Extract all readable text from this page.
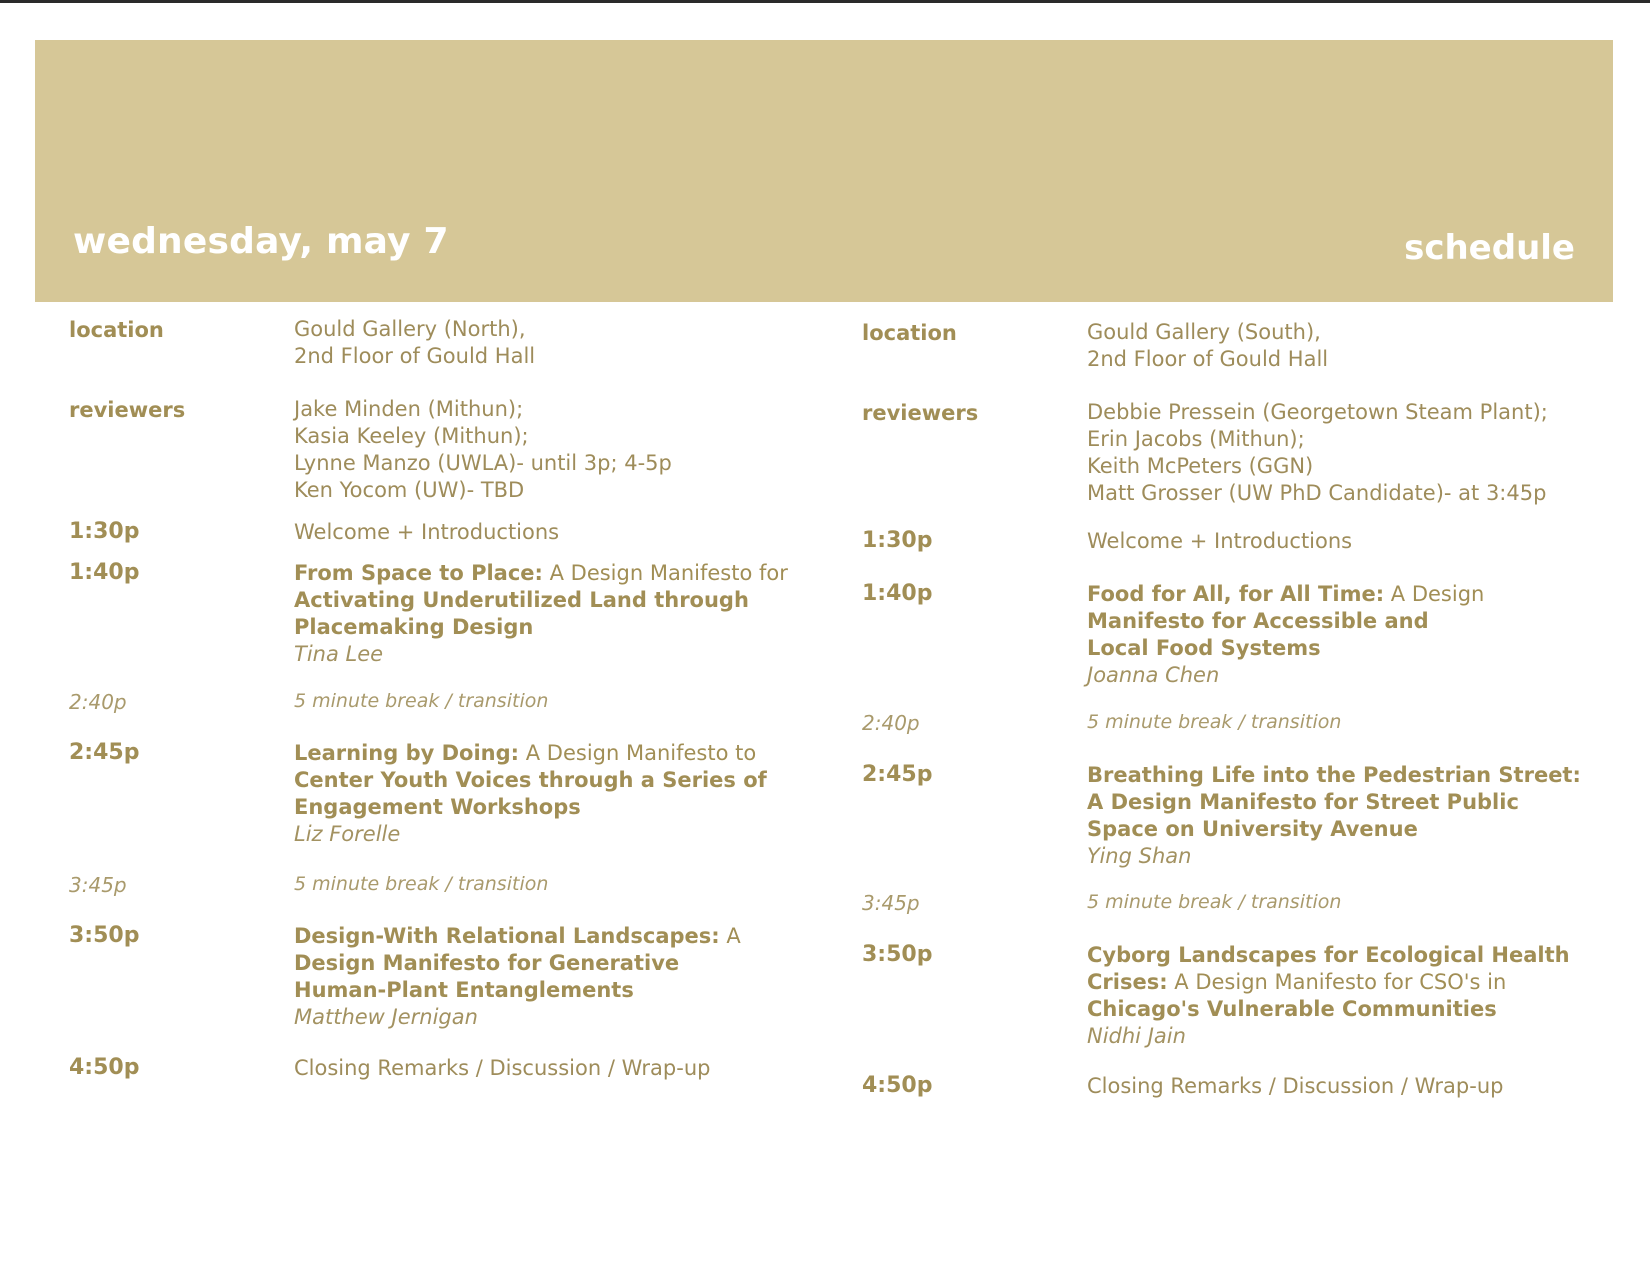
wednesday, may 7	schedule
location	Gould Gallery (North),
2nd Floor of Gould Hall
reviewers	Jake Minden (Mithun);
Kasia Keeley (Mithun);
Lynne Manzo (UWLA)- until 3p; 4-5p
Ken Yocom (UW)- TBD
1:30p	Welcome + Introductions
1:40p	From Space to Place: A Design Manifesto for
Activating Underutilized Land through
Placemaking Design
Tina Lee
2:40p	5 minute break / transition
2:45p	Learning by Doing: A Design Manifesto to
Center Youth Voices through a Series of
Engagement Workshops
Liz Forelle
3:45p	5 minute break / transition
3:50p	Design-With Relational Landscapes: A
Design Manifesto for Generative
Human-Plant Entanglements
Matthew Jernigan
4:50p	Closing Remarks / Discussion / Wrap-up
location	Gould Gallery (South),
2nd Floor of Gould Hall
reviewers	Debbie Pressein (Georgetown Steam Plant);
Erin Jacobs (Mithun);
Keith McPeters (GGN)
Matt Grosser (UW PhD Candidate)- at 3:45p
1:30p	Welcome + Introductions
1:40p	Food for All, for All Time: A Design
Manifesto for Accessible and
Local Food Systems
Joanna Chen
2:40p	5 minute break / transition
2:45p	Breathing Life into the Pedestrian Street:
A Design Manifesto for Street Public
Space on University Avenue
Ying Shan
3:45p	5 minute break / transition
3:50p	Cyborg Landscapes for Ecological Health
Crises: A Design Manifesto for CSO's in
Chicago's Vulnerable Communities
Nidhi Jain
4:50p	Closing Remarks / Discussion / Wrap-up
